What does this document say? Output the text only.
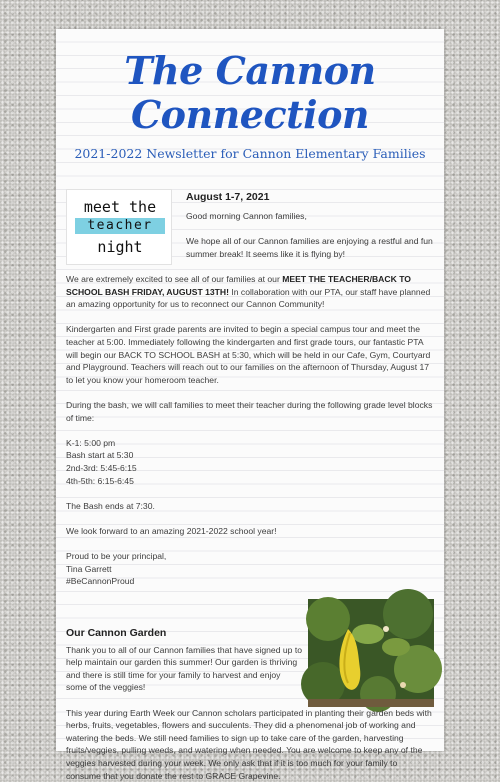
The Cannon
Connection

2021-2022 Newsletter for Cannon Elementary Families

meet the

teacher

night

August 1-7, 2021

Good morning Cannon families,

We hope all of our Cannon families are enjoying a restful and fun summer break! It seems like it is flying by!

We are extremely excited to see all of our families at our MEET THE TEACHER/BACK TO SCHOOL BASH FRIDAY, AUGUST 13TH! In collaboration with our PTA, our staff have planned an amazing opportunity for us to reconnect our Cannon Community!

Kindergarten and First grade parents are invited to begin a special campus tour and meet the teacher at 5:00. Immediately following the kindergarten and first grade tours, our fantastic PTA will begin our BACK TO SCHOOL BASH at 5:30, which will be held in our Cafe, Gym, Courtyard and Playground. Teachers will reach out to our families on the afternoon of Thursday, August 17 to let you know your homeroom teacher.

During the bash, we will call families to meet their teacher during the following grade level blocks of time:

K-1: 5:00 pm

Bash start at 5:30

2nd-3rd: 5:45-6:15

4th-5th: 6:15-6:45

The Bash ends at 7:30.

We look forward to an amazing 2021-2022 school year!

Proud to be your principal,

Tina Garrett

#BeCannonProud

Our Cannon Garden

Thank you to all of our Cannon families that have signed up to help maintain our garden this summer! Our garden is thriving and there is still time for your family to harvest and enjoy some of the veggies!

This year during Earth Week our Cannon scholars participated in planting their garden beds with herbs, fruits, vegetables, flowers and succulents. They did a phenomenal job of working and watering the beds. We still need families to sign up to take care of the garden, harvesting fruits/veggies, pulling weeds, and watering when needed. You are welcome to keep any of the veggies harvested during your week. We only ask that if it is too much for your family to consume that you donate the rest to GRACE Grapevine.
